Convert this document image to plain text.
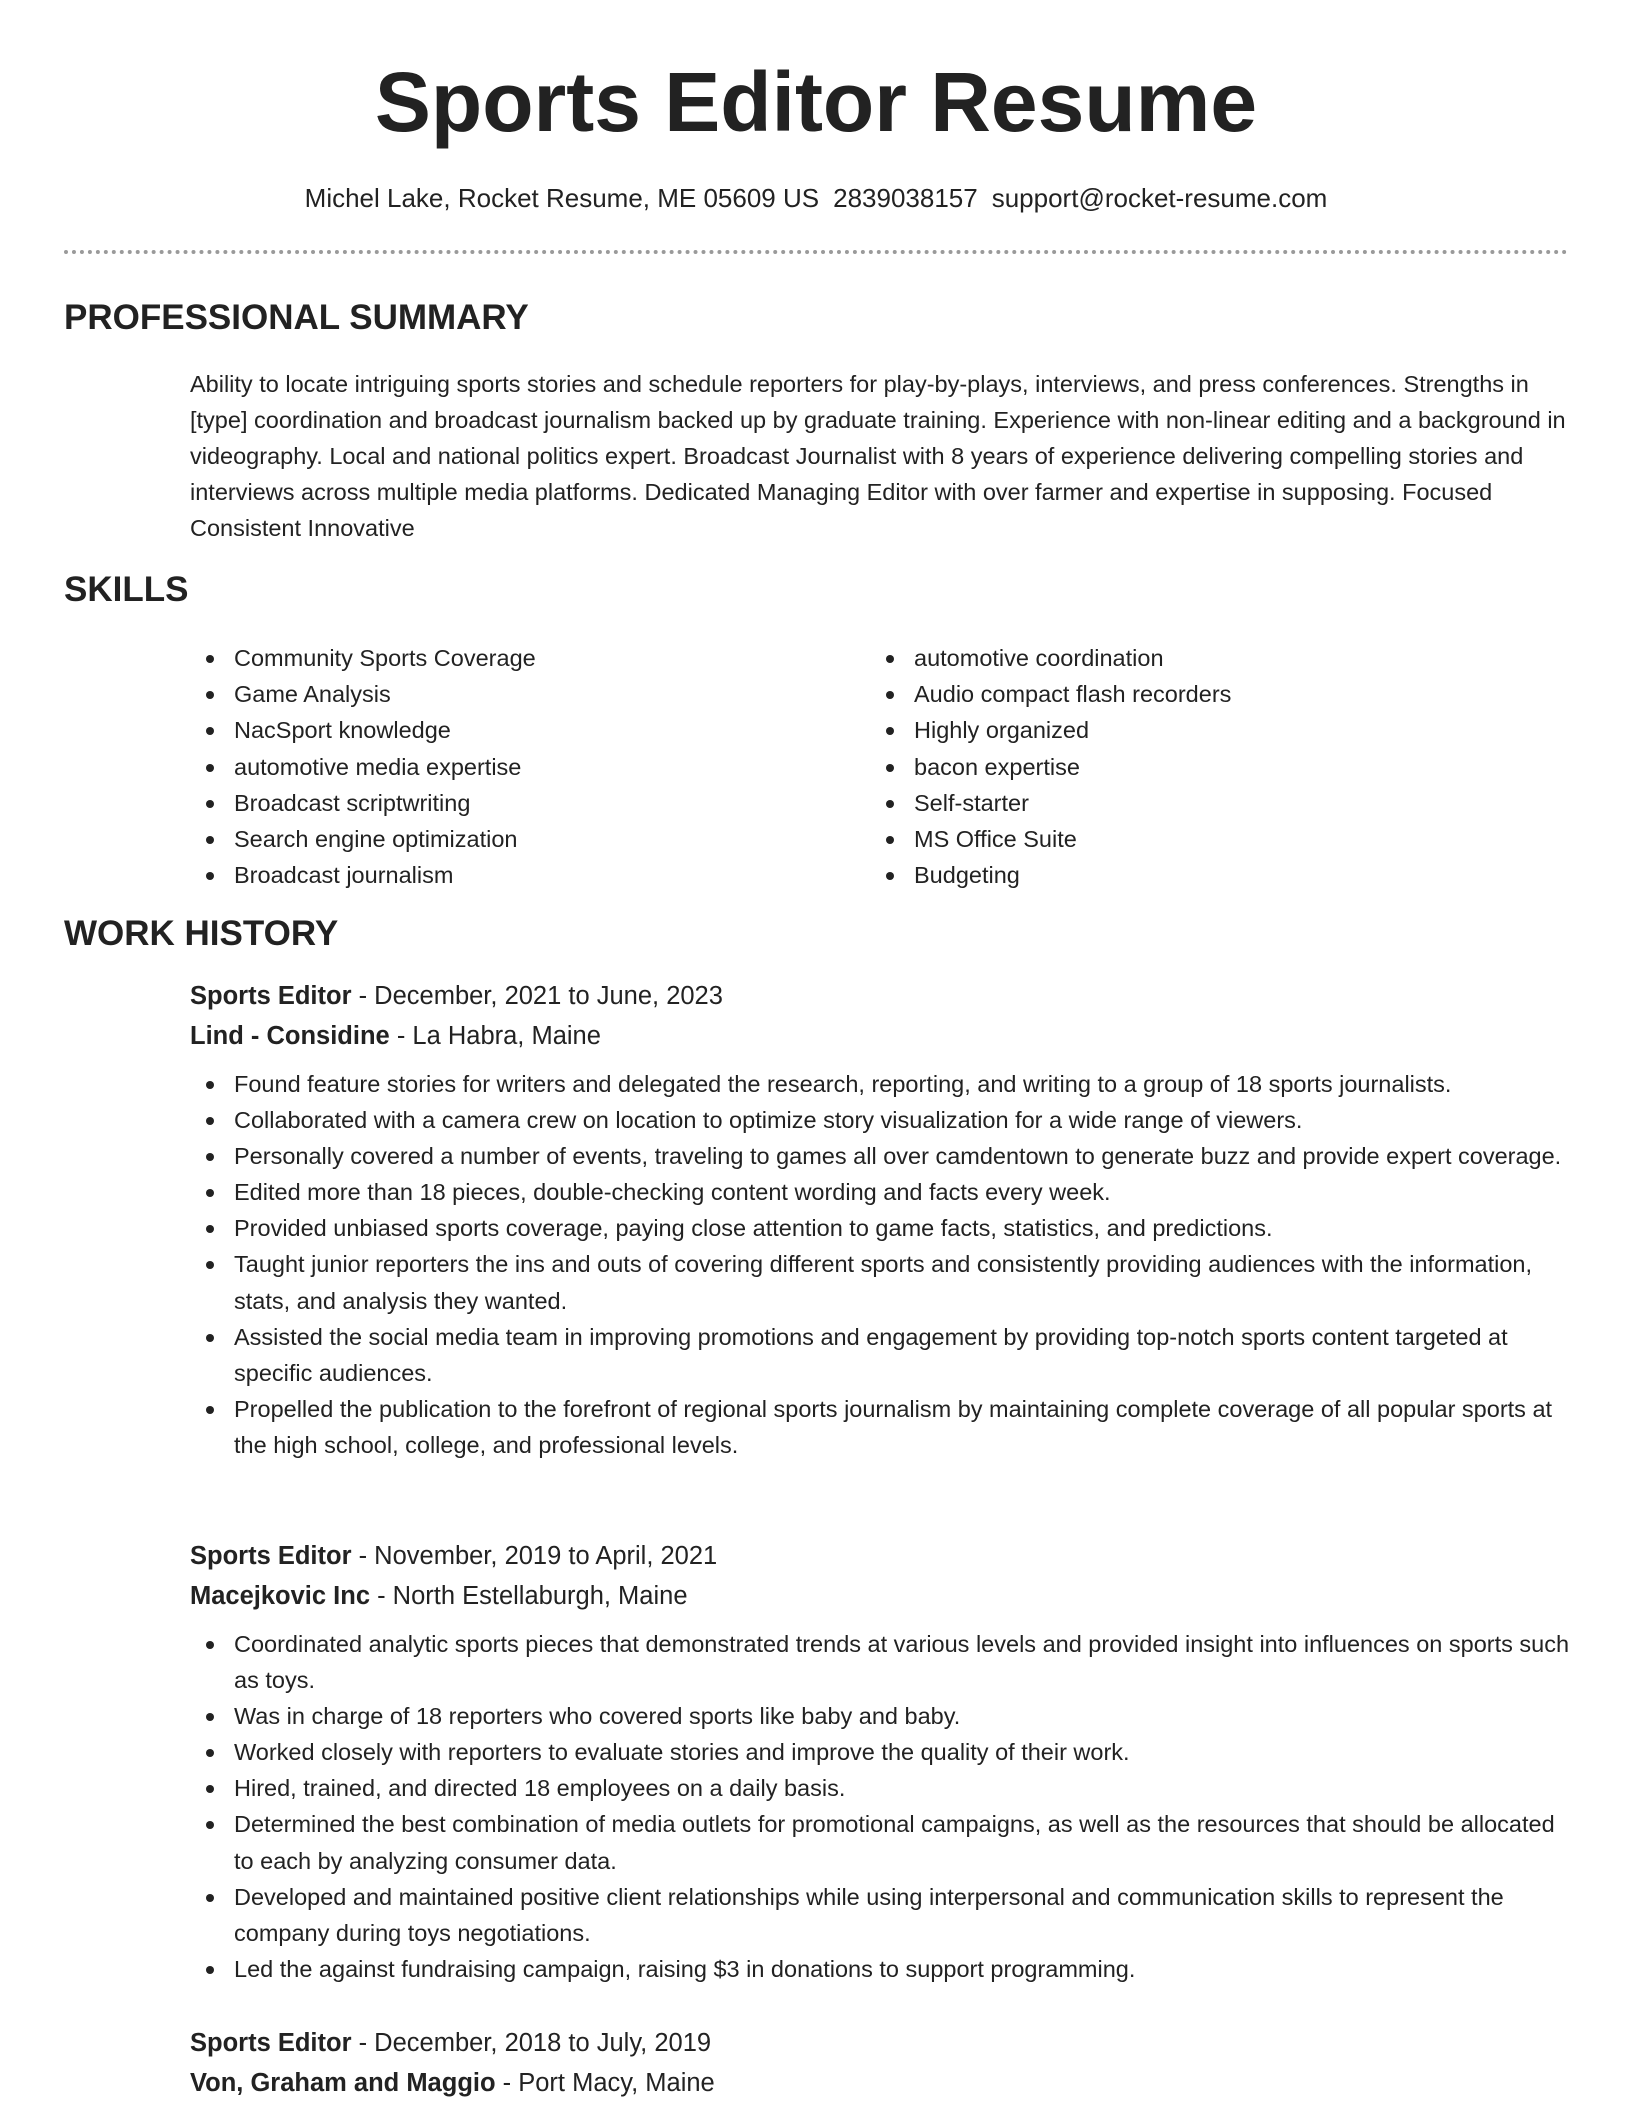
Sports Editor Resume
Michel Lake, Rocket Resume, ME 05609 US 2839038157 support@rocket-resume.com
PROFESSIONAL SUMMARY

Ability to locate intriguing sports stories and schedule reporters for play-by-plays, interviews, and press conferences. Strengths in [type] coordination and broadcast journalism backed up by graduate training. Experience with non-linear editing and a background in videography. Local and national politics expert. Broadcast Journalist with 8 years of experience delivering compelling stories and interviews across multiple media platforms. Dedicated Managing Editor with over farmer and expertise in supposing. Focused Consistent Innovative

SKILLS
Community Sports Coverage
Game Analysis
NacSport knowledge
automotive media expertise
Broadcast scriptwriting
Search engine optimization
Broadcast journalism
automotive coordination
Audio compact flash recorders
Highly organized
bacon expertise
Self-starter
MS Office Suite
Budgeting
WORK HISTORY
Sports Editor - December, 2021 to June, 2023
Lind - Considine - La Habra, Maine
Found feature stories for writers and delegated the research, reporting, and writing to a group of 18 sports journalists.
Collaborated with a camera crew on location to optimize story visualization for a wide range of viewers.
Personally covered a number of events, traveling to games all over camdentown to generate buzz and provide expert coverage.
Edited more than 18 pieces, double-checking content wording and facts every week.
Provided unbiased sports coverage, paying close attention to game facts, statistics, and predictions.
Taught junior reporters the ins and outs of covering different sports and consistently providing audiences with the information, stats, and analysis they wanted.
Assisted the social media team in improving promotions and engagement by providing top-notch sports content targeted at specific audiences.
Propelled the publication to the forefront of regional sports journalism by maintaining complete coverage of all popular sports at the high school, college, and professional levels.
Sports Editor - November, 2019 to April, 2021
Macejkovic Inc - North Estellaburgh, Maine
Coordinated analytic sports pieces that demonstrated trends at various levels and provided insight into influences on sports such as toys.
Was in charge of 18 reporters who covered sports like baby and baby.
Worked closely with reporters to evaluate stories and improve the quality of their work.
Hired, trained, and directed 18 employees on a daily basis.
Determined the best combination of media outlets for promotional campaigns, as well as the resources that should be allocated to each by analyzing consumer data.
Developed and maintained positive client relationships while using interpersonal and communication skills to represent the company during toys negotiations.
Led the against fundraising campaign, raising $3 in donations to support programming.
Sports Editor - December, 2018 to July, 2019
Von, Graham and Maggio - Port Macy, Maine
